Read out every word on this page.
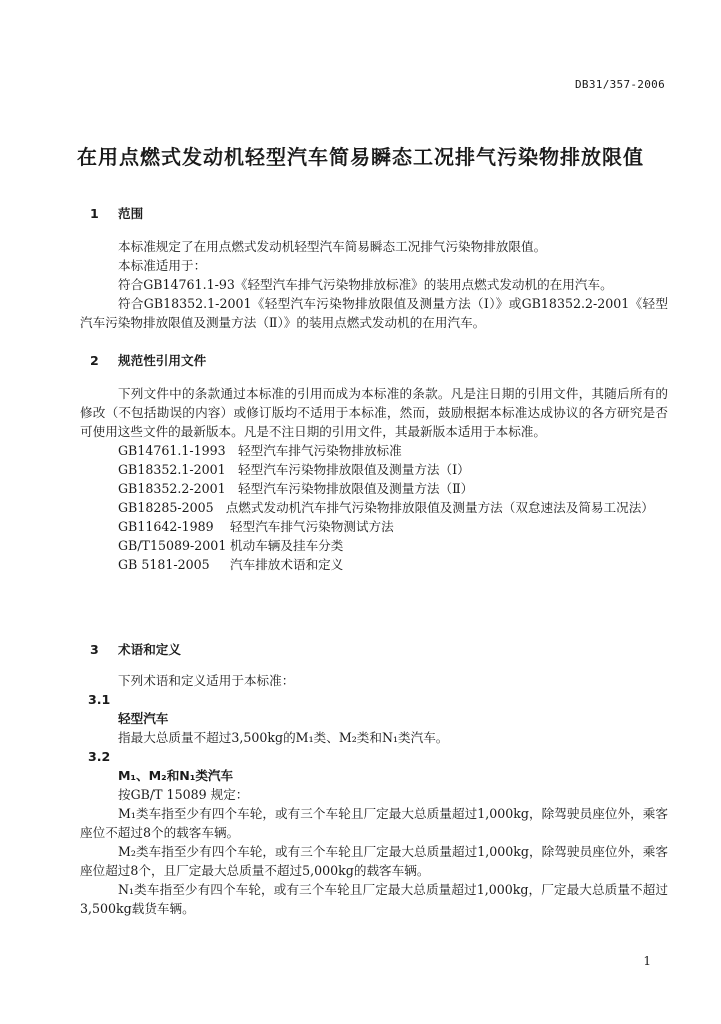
DB31/357-2006
在用点燃式发动机轻型汽车简易瞬态工况排气污染物排放限值
1 范围
本标准规定了在用点燃式发动机轻型汽车简易瞬态工况排气污染物排放限值。
本标准适用于：
符合GB14761.1-93《轻型汽车排气污染物排放标准》的装用点燃式发动机的在用汽车。
符合GB18352.1-2001《轻型汽车污染物排放限值及测量方法（Ⅰ）》或GB18352.2-2001《轻型汽车污染物排放限值及测量方法（Ⅱ）》的装用点燃式发动机的在用汽车。
2 规范性引用文件
下列文件中的条款通过本标准的引用而成为本标准的条款。凡是注日期的引用文件，其随后所有的修改（不包括勘误的内容）或修订版均不适用于本标准，然而，鼓励根据本标准达成协议的各方研究是否可使用这些文件的最新版本。凡是不注日期的引用文件，其最新版本适用于本标准。
GB14761.1-1993 轻型汽车排气污染物排放标准
GB18352.1-2001 轻型汽车污染物排放限值及测量方法（Ⅰ）
GB18352.2-2001 轻型汽车污染物排放限值及测量方法（Ⅱ）
GB18285-2005 点燃式发动机汽车排气污染物排放限值及测量方法（双怠速法及简易工况法）
GB11642-1989 轻型汽车排气污染物测试方法
GB/T15089-2001 机动车辆及挂车分类
GB 5181-2005 汽车排放术语和定义
3 术语和定义
下列术语和定义适用于本标准：
3.1
轻型汽车
指最大总质量不超过3,500kg的M₁类、M₂类和N₁类汽车。
3.2
M₁、M₂和N₁类汽车
按GB/T 15089 规定：
M₁类车指至少有四个车轮，或有三个车轮且厂定最大总质量超过1,000kg，除驾驶员座位外，乘客座位不超过8个的载客车辆。
M₂类车指至少有四个车轮，或有三个车轮且厂定最大总质量超过1,000kg，除驾驶员座位外，乘客座位超过8个，且厂定最大总质量不超过5,000kg的载客车辆。
N₁类车指至少有四个车轮，或有三个车轮且厂定最大总质量超过1,000kg，厂定最大总质量不超过3,500kg载货车辆。
1
